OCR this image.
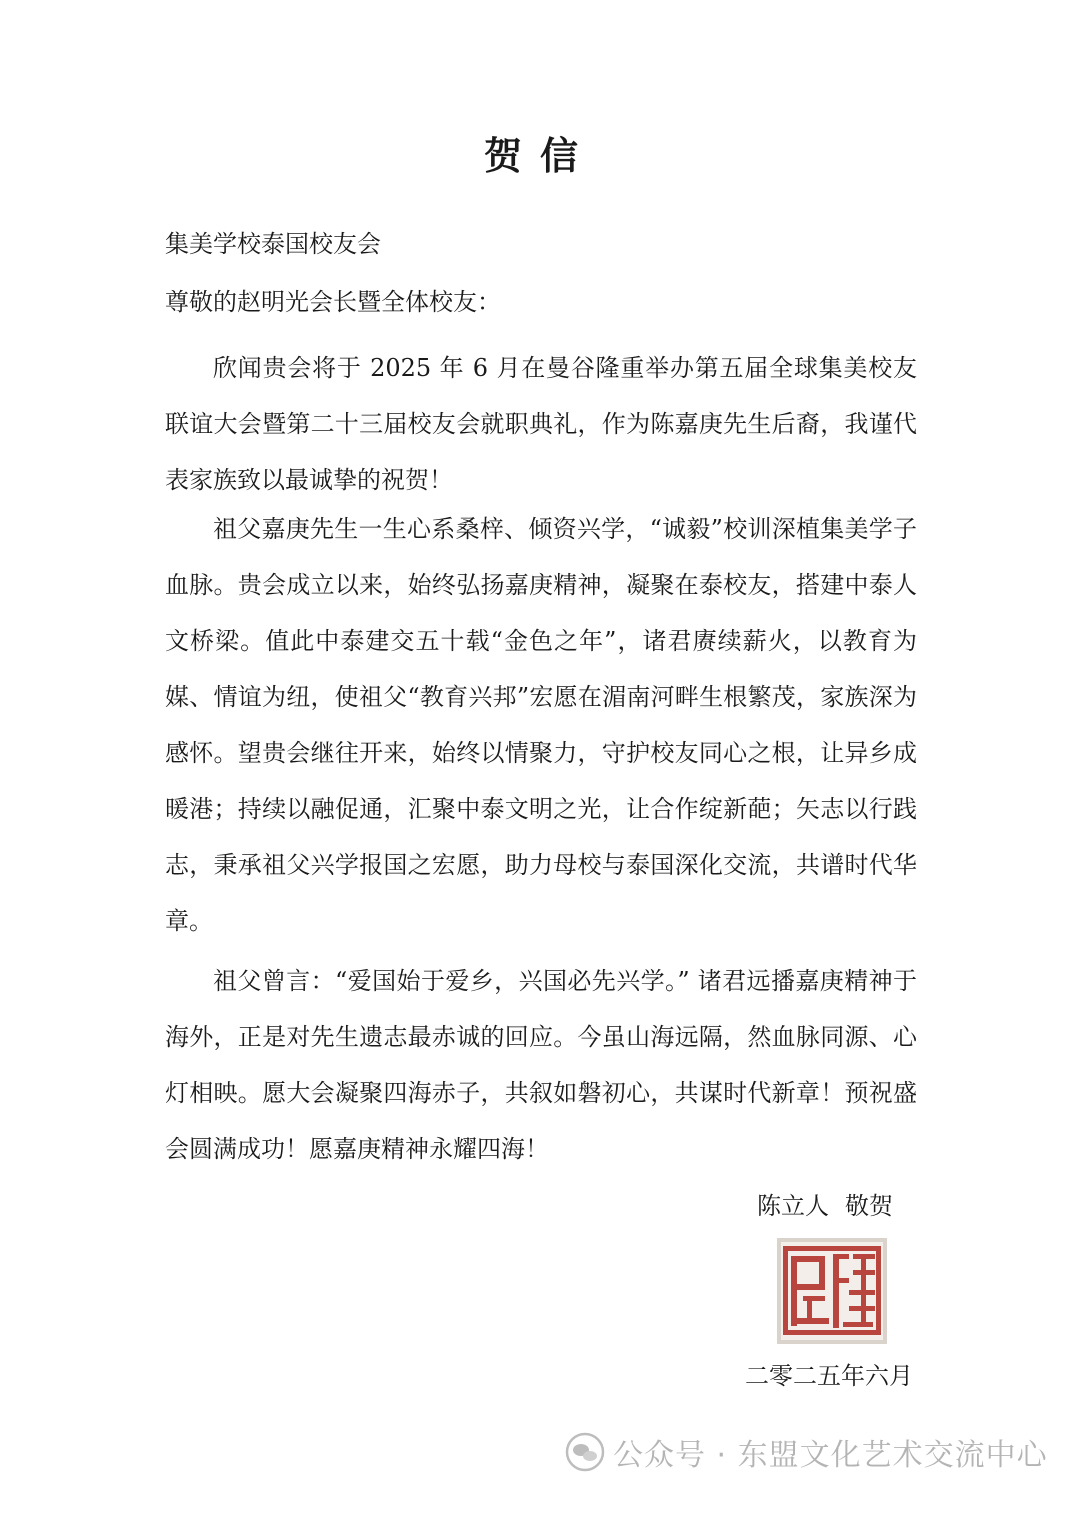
贺信
集美学校泰国校友会
尊敬的赵明光会长暨全体校友：
欣闻贵会将于 2025 年 6 月在曼谷隆重举办第五届全球集美校友联谊大会暨第二十三届校友会就职典礼，作为陈嘉庚先生后裔，我谨代表家族致以最诚挚的祝贺！
祖父嘉庚先生一生心系桑梓、倾资兴学，“诚毅”校训深植集美学子血脉。贵会成立以来，始终弘扬嘉庚精神，凝聚在泰校友，搭建中泰人文桥梁。值此中泰建交五十载“金色之年”，诸君赓续薪火，以教育为媒、情谊为纽，使祖父“教育兴邦”宏愿在湄南河畔生根繁茂，家族深为感怀。望贵会继往开来，始终以情聚力，守护校友同心之根，让异乡成暖港；持续以融促通，汇聚中泰文明之光，让合作绽新葩；矢志以行践志，秉承祖父兴学报国之宏愿，助力母校与泰国深化交流，共谱时代华章。
祖父曾言：“爱国始于爱乡，兴国必先兴学。” 诸君远播嘉庚精神于海外，正是对先生遗志最赤诚的回应。今虽山海远隔，然血脉同源、心灯相映。愿大会凝聚四海赤子，共叙如磐初心，共谋时代新章！预祝盛会圆满成功！愿嘉庚精神永耀四海！
陈立人 敬贺
二零二五年六月
公众号 · 东盟文化艺术交流中心
